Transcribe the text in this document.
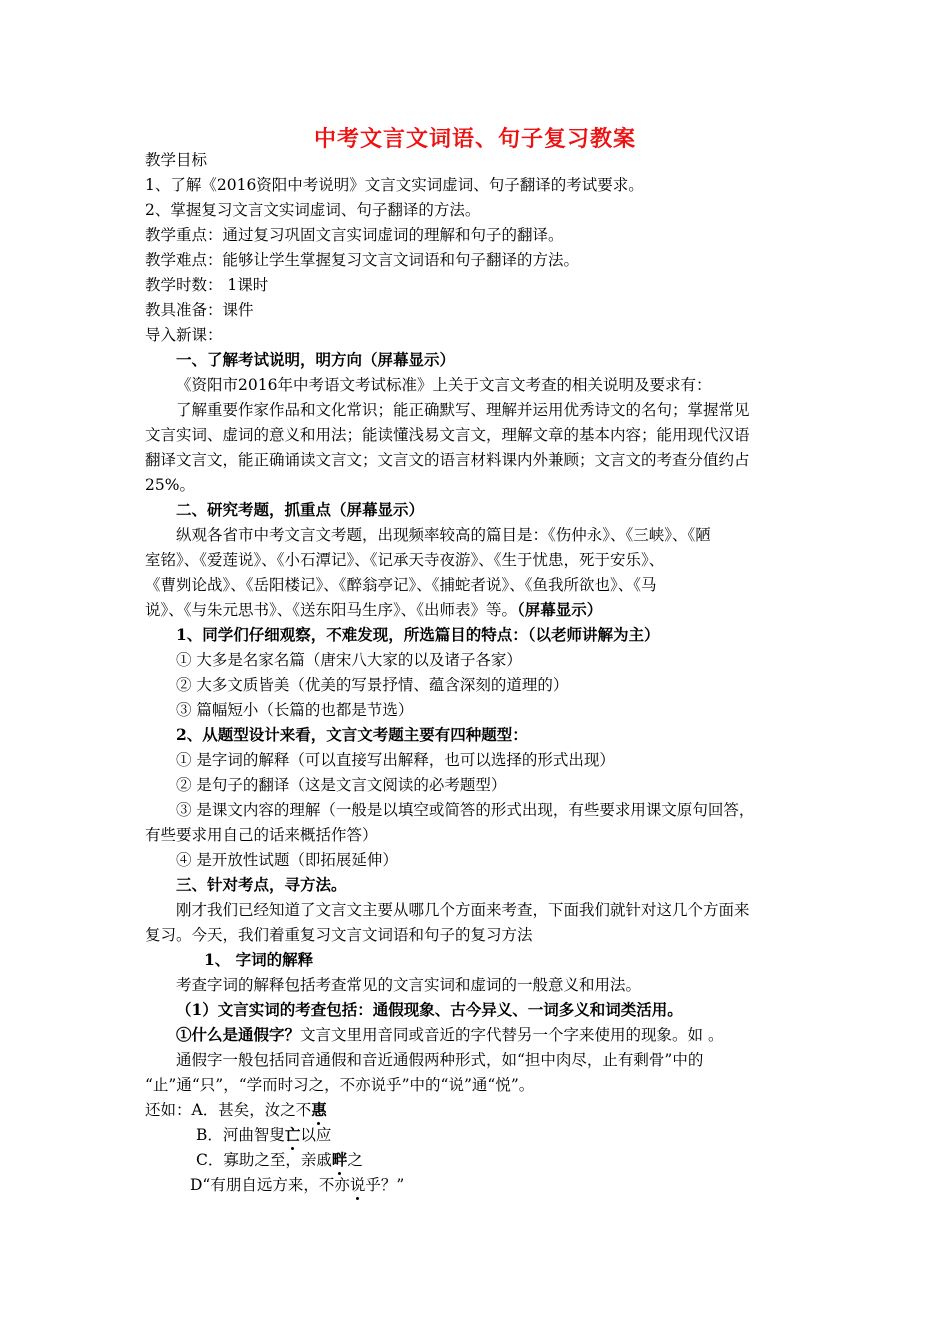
中考文言文词语、句子复习教案
教学目标
1、了解《2016资阳中考说明》文言文实词虚词、句子翻译的考试要求。
2、掌握复习文言文实词虚词、句子翻译的方法。
教学重点：通过复习巩固文言实词虚词的理解和句子的翻译。
教学难点：能够让学生掌握复习文言文词语和句子翻译的方法。
教学时数： 1课时
教具准备：课件
导入新课：
一、了解考试说明，明方向（屏幕显示）
《资阳市2016年中考语文考试标准》上关于文言文考查的相关说明及要求有：
了解重要作家作品和文化常识；能正确默写、理解并运用优秀诗文的名句；掌握常见
文言实词、虚词的意义和用法；能读懂浅易文言文，理解文章的基本内容；能用现代汉语
翻译文言文，能正确诵读文言文；文言文的语言材料课内外兼顾；文言文的考查分值约占
25%。
二、研究考题，抓重点（屏幕显示）
纵观各省市中考文言文考题，出现频率较高的篇目是：《伤仲永》、《三峡》、《陋
室铭》、《爱莲说》、《小石潭记》、《记承天寺夜游》、《生于忧患，死于安乐》、
《曹刿论战》、《岳阳楼记》、《醉翁亭记》、《捕蛇者说》、《鱼我所欲也》、《马
说》、《与朱元思书》、《送东阳马生序》、《出师表》等。（屏幕显示）
1、同学们仔细观察，不难发现，所选篇目的特点：（以老师讲解为主）
① 大多是名家名篇（唐宋八大家的以及诸子各家）
② 大多文质皆美（优美的写景抒情、蕴含深刻的道理的）
③ 篇幅短小（长篇的也都是节选）
2、从题型设计来看，文言文考题主要有四种题型：
① 是字词的解释（可以直接写出解释，也可以选择的形式出现）
② 是句子的翻译（这是文言文阅读的必考题型）
③ 是课文内容的理解（一般是以填空或简答的形式出现，有些要求用课文原句回答，
有些要求用自己的话来概括作答）
④ 是开放性试题（即拓展延伸）
三、针对考点，寻方法。
刚才我们已经知道了文言文主要从哪几个方面来考查，下面我们就针对这几个方面来
复习。今天，我们着重复习文言文词语和句子的复习方法
1、 字词的解释
考查字词的解释包括考查常见的文言实词和虚词的一般意义和用法。
（1）文言实词的考查包括：通假现象、古今异义、一词多义和词类活用。
①什么是通假字？文言文里用音同或音近的字代替另一个字来使用的现象。如 。
通假字一般包括同音通假和音近通假两种形式，如“担中肉尽，止有剩骨”中的
“止”通“只”，“学而时习之，不亦说乎”中的“说”通“悦”。
还如：A．甚矣，汝之不惠
B．河曲智叟亡以应
C．寡助之至，亲戚畔之
D“有朋自远方来，不亦说乎？”
